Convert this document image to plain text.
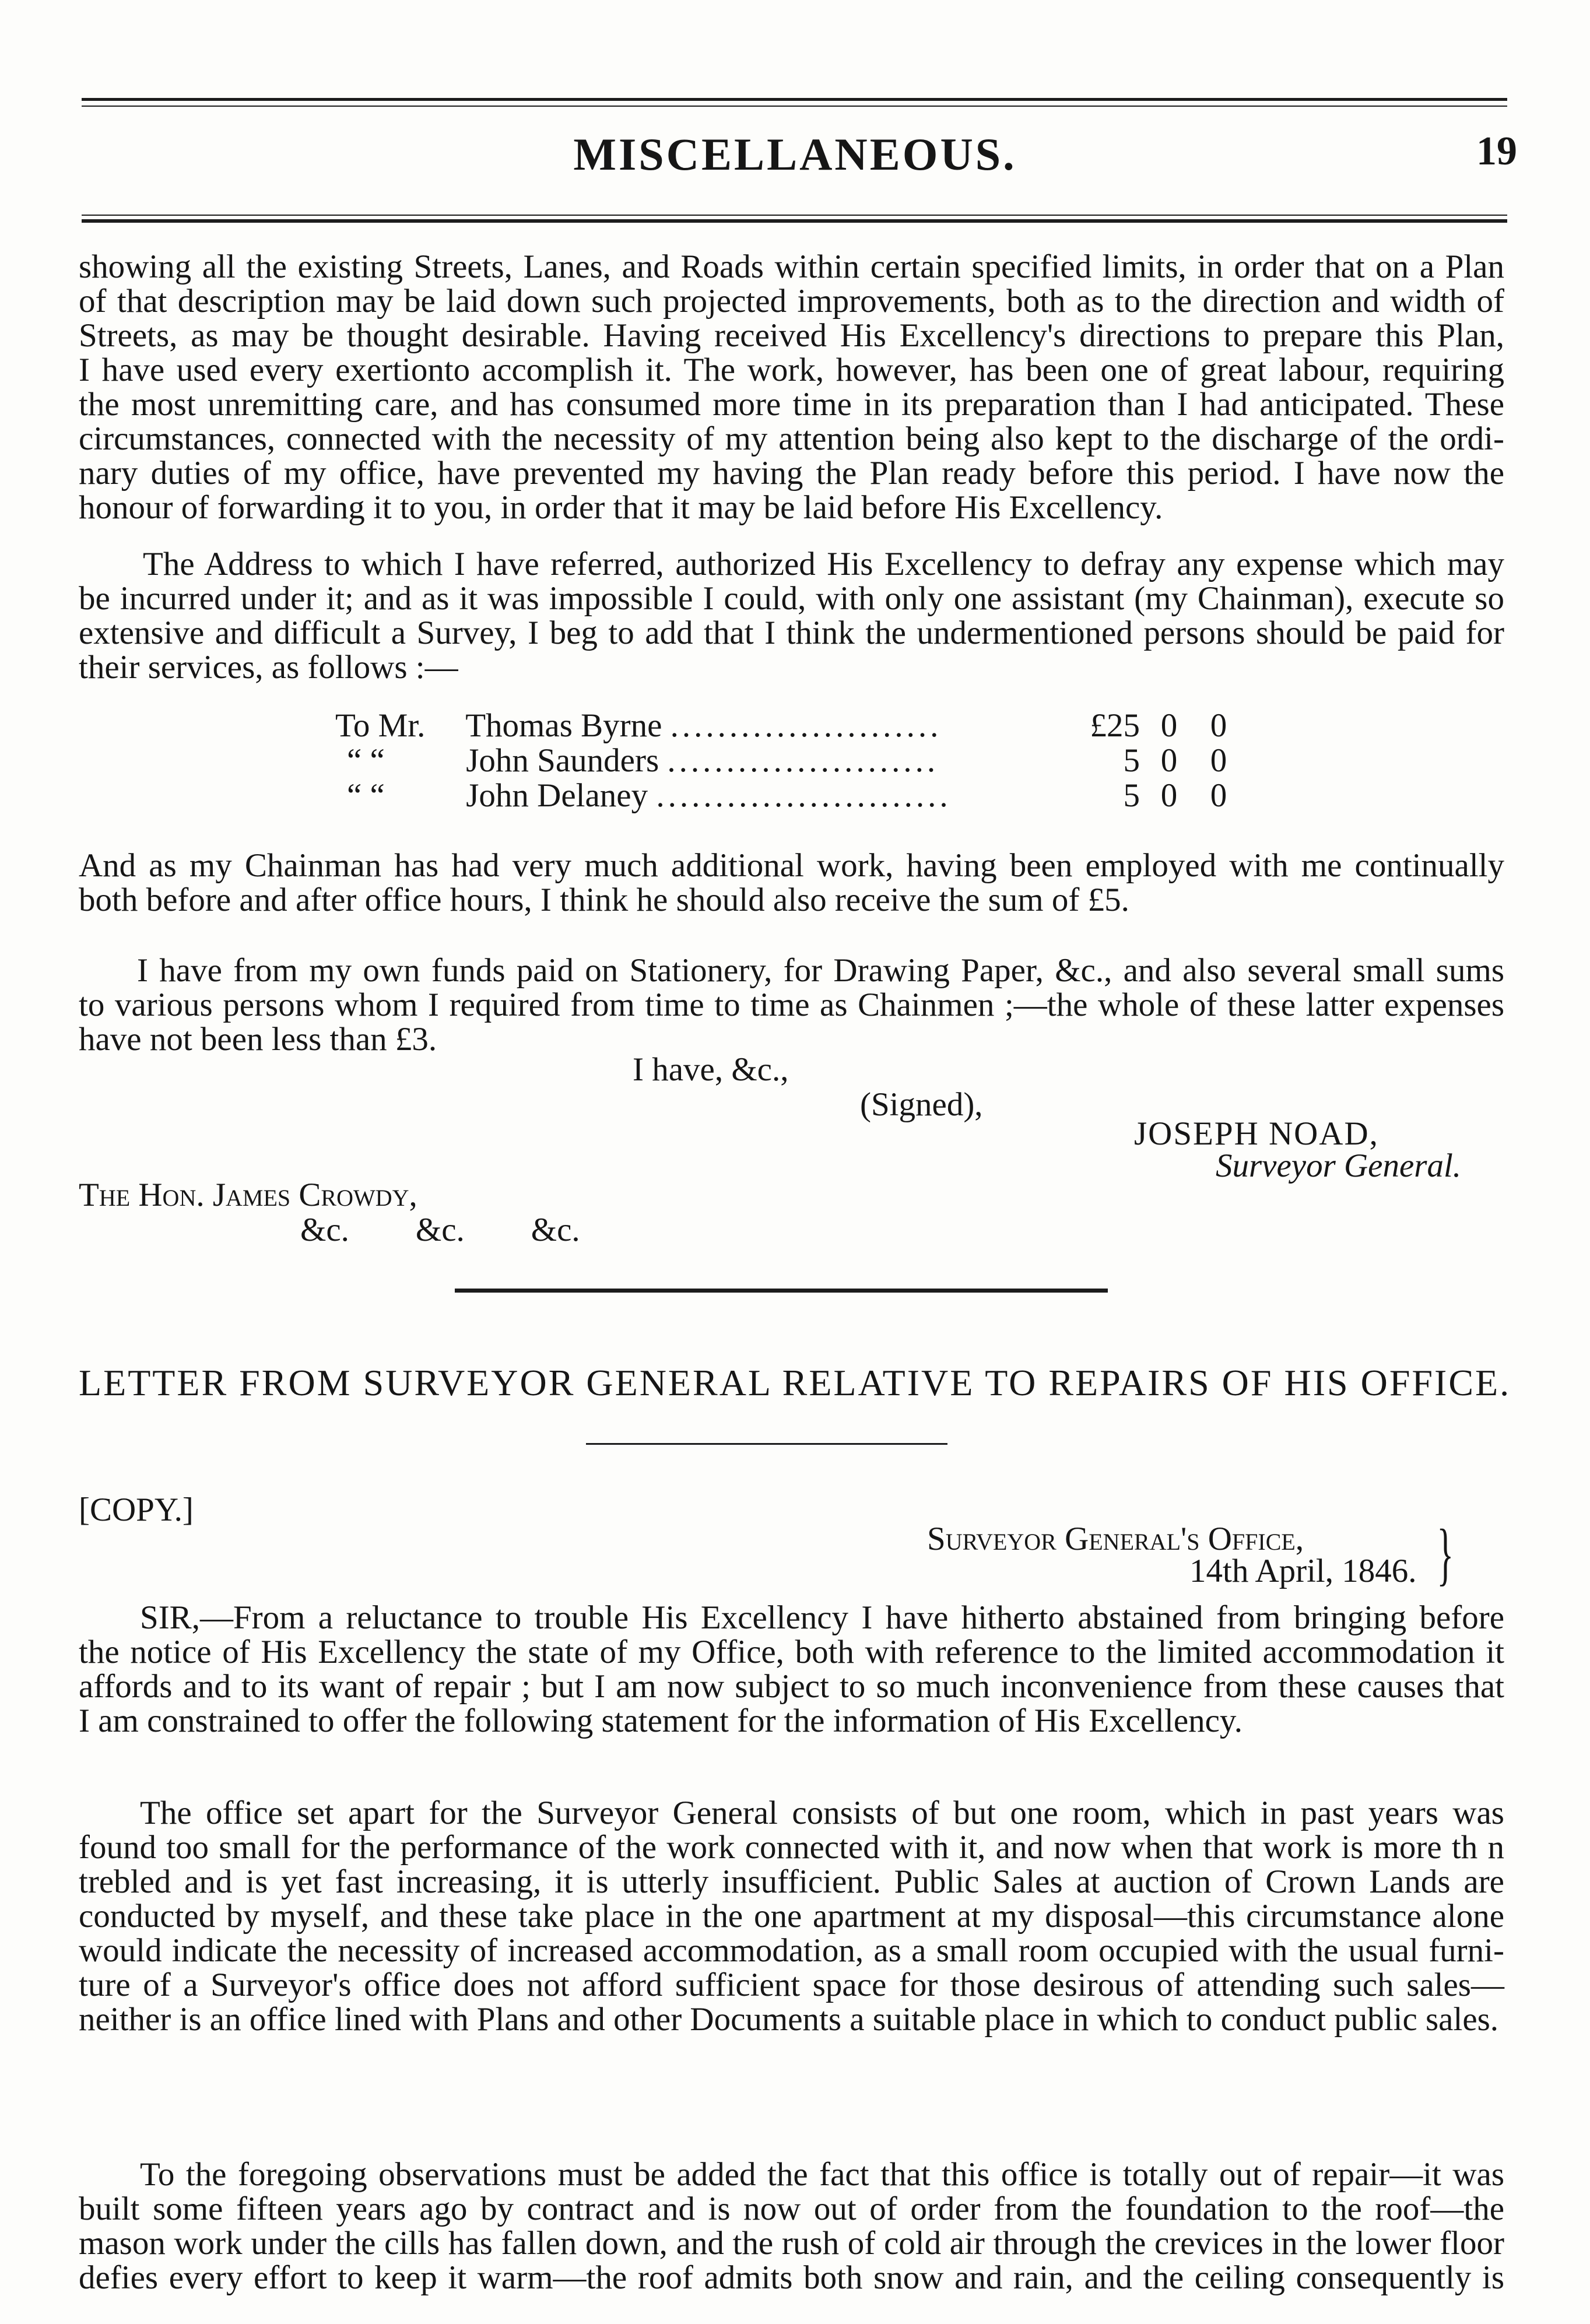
MISCELLANEOUS.	19

showing all the existing Streets, Lanes, and Roads within certain specified limits, in order that on a Plan
of that description may be laid down such projected improvements, both as to the direction and width of
Streets, as may be thought desirable. Having received His Excellency's directions to prepare this Plan,
I have used every exertionto accomplish it. The work, however, has been one of great labour, requiring
the most unremitting care, and has consumed more time in its preparation than I had anticipated. These
circumstances, connected with the necessity of my attention being also kept to the discharge of the ordi-
nary duties of my office, have prevented my having the Plan ready before this period. I have now the
honour of forwarding it to you, in order that it may be laid before His Excellency.

The Address to which I have referred, authorized His Excellency to defray any expense which may
be incurred under it; and as it was impossible I could, with only one assistant (my Chainman), execute so
extensive and difficult a Survey, I beg to add that I think the undermentioned persons should be paid for
their services, as follows :—

To Mr. Thomas Byrne .......................
“ “ John Saunders .......................
“ “ John Delaney .........................
£25 0 0
5 0 0
5 0 0

And as my Chainman has had very much additional work, having been employed with me continually
both before and after office hours, I think he should also receive the sum of £5.

I have from my own funds paid on Stationery, for Drawing Paper, &c., and also several small sums
to various persons whom I required from time to time as Chainmen ;—the whole of these latter expenses
have not been less than £3.

I have, &c.,
(Signed),
JOSEPH NOAD,
Surveyor General.
The Hon. James Crowdy,
&c.        &c.        &c.
LETTER FROM SURVEYOR GENERAL RELATIVE TO REPAIRS OF HIS OFFICE.
[COPY.]
Surveyor General's Office,
14th April, 1846. }

SIR,—From a reluctance to trouble His Excellency I have hitherto abstained from bringing before
the notice of His Excellency the state of my Office, both with reference to the limited accommodation it
affords and to its want of repair ; but I am now subject to so much inconvenience from these causes that
I am constrained to offer the following statement for the information of His Excellency.

The office set apart for the Surveyor General consists of but one room, which in past years was
found too small for the performance of the work connected with it, and now when that work is more th n
trebled and is yet fast increasing, it is utterly insufficient. Public Sales at auction of Crown Lands are
conducted by myself, and these take place in the one apartment at my disposal—this circumstance alone
would indicate the necessity of increased accommodation, as a small room occupied with the usual furni-
ture of a Surveyor's office does not afford sufficient space for those desirous of attending such sales—
neither is an office lined with Plans and other Documents a suitable place in which to conduct public sales.

To the foregoing observations must be added the fact that this office is totally out of repair—it was
built some fifteen years ago by contract and is now out of order from the foundation to the roof—the
mason work under the cills has fallen down, and the rush of cold air through the crevices in the lower floor
defies every effort to keep it warm—the roof admits both snow and rain, and the ceiling consequently is
